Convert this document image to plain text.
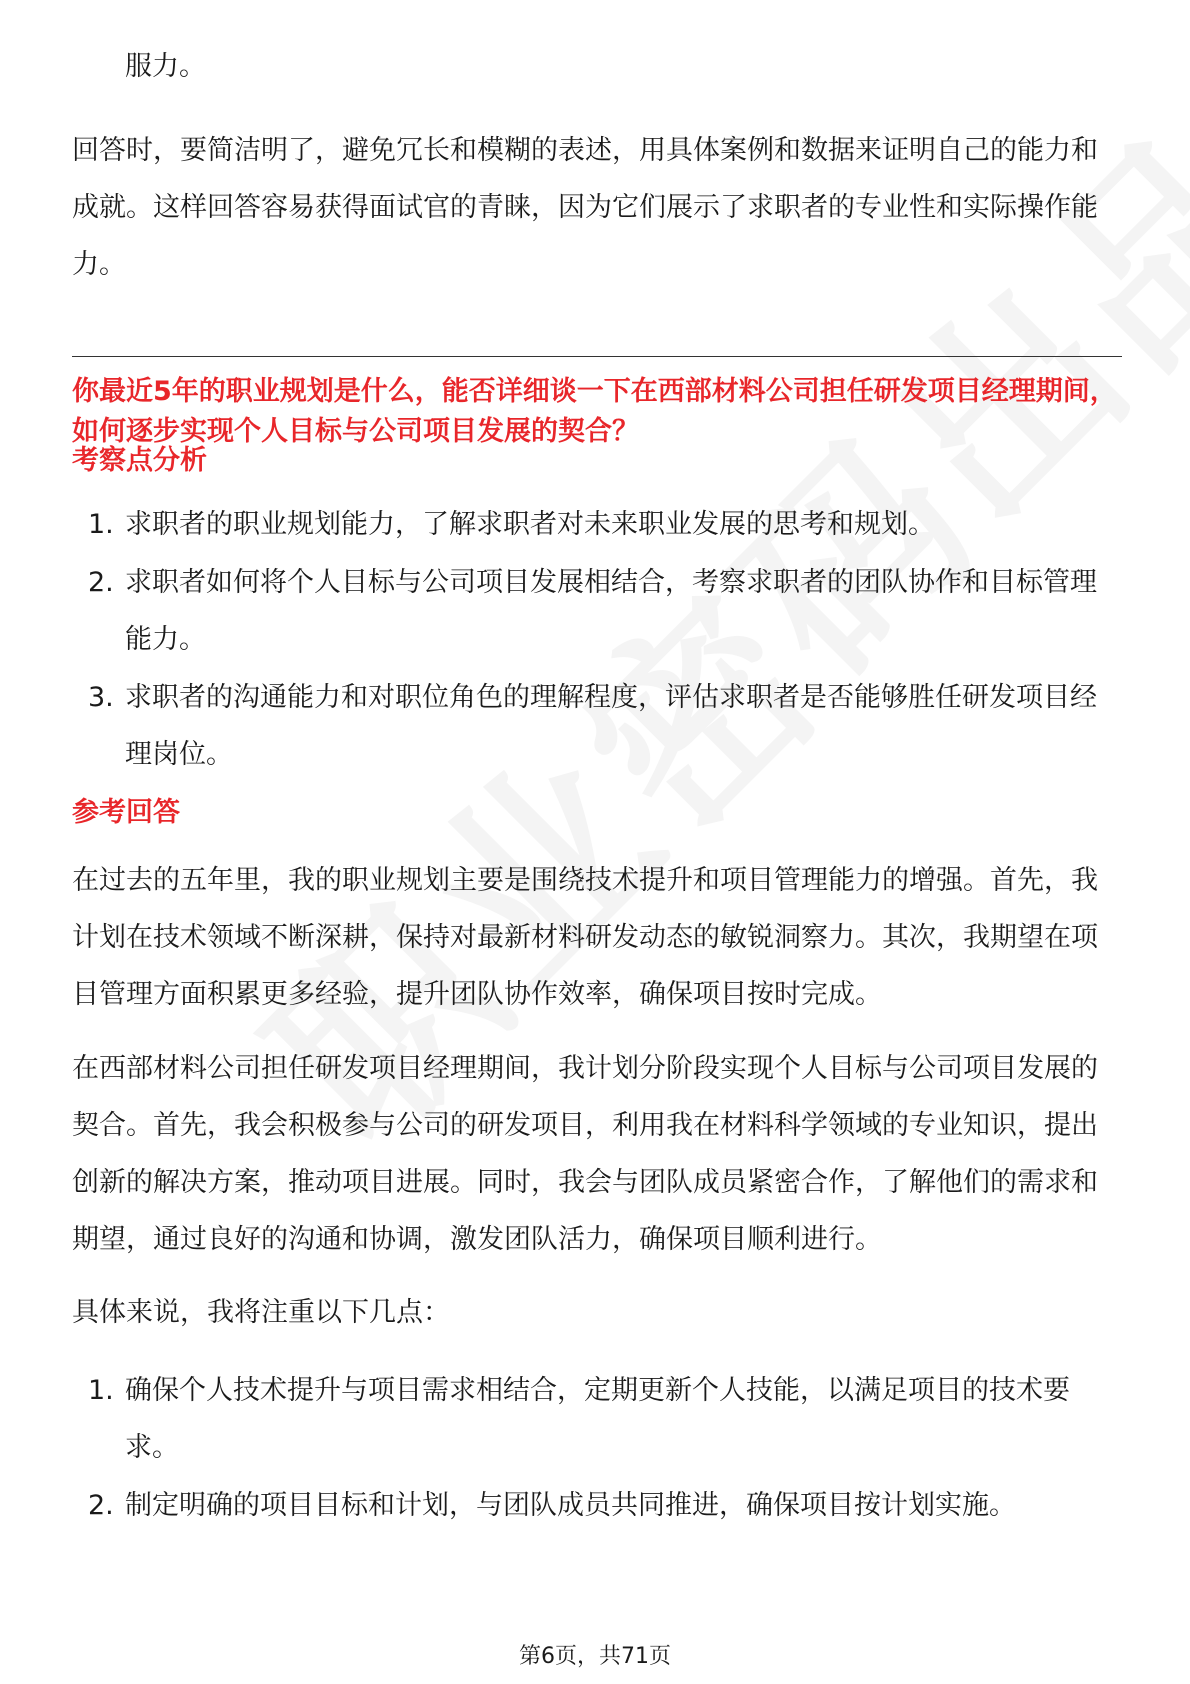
服力。

回答时，要简洁明了，避免冗长和模糊的表述，用具体案例和数据来证明自己的能力和成就。这样回答容易获得面试官的青睐，因为它们展示了求职者的专业性和实际操作能力。

你最近5年的职业规划是什么，能否详细谈一下在西部材料公司担任研发项目经理期间，如何逐步实现个人目标与公司项目发展的契合？

考察点分析
1. 求职者的职业规划能力，了解求职者对未来职业发展的思考和规划。
2. 求职者如何将个人目标与公司项目发展相结合，考察求职者的团队协作和目标管理能力。
3. 求职者的沟通能力和对职位角色的理解程度，评估求职者是否能够胜任研发项目经理岗位。
参考回答

在过去的五年里，我的职业规划主要是围绕技术提升和项目管理能力的增强。首先，我计划在技术领域不断深耕，保持对最新材料研发动态的敏锐洞察力。其次，我期望在项目管理方面积累更多经验，提升团队协作效率，确保项目按时完成。

在西部材料公司担任研发项目经理期间，我计划分阶段实现个人目标与公司项目发展的契合。首先，我会积极参与公司的研发项目，利用我在材料科学领域的专业知识，提出创新的解决方案，推动项目进展。同时，我会与团队成员紧密合作，了解他们的需求和期望，通过良好的沟通和协调，激发团队活力，确保项目顺利进行。

具体来说，我将注重以下几点：

1. 确保个人技术提升与项目需求相结合，定期更新个人技能，以满足项目的技术要求。
2. 制定明确的项目目标和计划，与团队成员共同推进，确保项目按计划实施。
第6页，共71页
